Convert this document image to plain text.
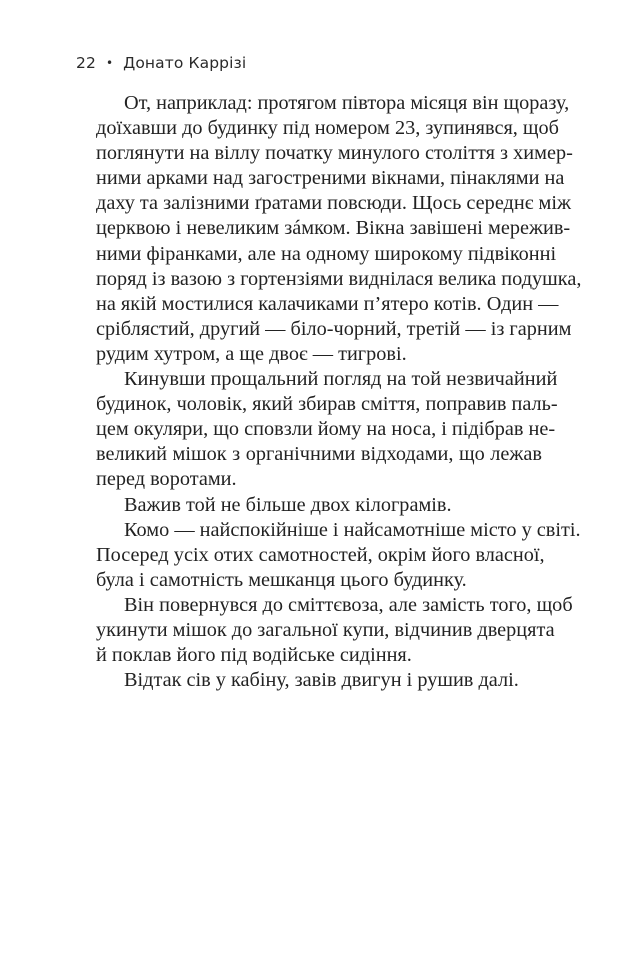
22 • Донато Каррізі
От, наприклад: протягом півтора місяця він щоразу,
доїхавши до будинку під номером 23, зупинявся, щоб
поглянути на віллу початку минулого століття з химер-
ними арками над загостреними вікнами, пінаклями на
даху та залізними ґратами повсюди. Щось середнє між
церквою і невеликим зáмком. Вікна завішені мережив-
ними фіранками, але на одному широкому підвіконні
поряд із вазою з гортензіями виднілася велика подушка,
на якій мостилися калачиками п’ятеро котів. Один —
сріблястий, другий — біло-чорний, третій — із гарним
рудим хутром, а ще двоє — тигрові.
Кинувши прощальний погляд на той незвичайний
будинок, чоловік, який збирав сміття, поправив паль-
цем окуляри, що сповзли йому на носа, і підібрав не-
великий мішок з органічними відходами, що лежав
перед воротами.
Важив той не більше двох кілограмів.
Комо — найспокійніше і найсамотніше місто у світі.
Посеред усіх отих самотностей, окрім його власної,
була і самотність мешканця цього будинку.
Він повернувся до сміттєвоза, але замість того, щоб
укинути мішок до загальної купи, відчинив дверцята
й поклав його під водійське сидіння.
Відтак сів у кабіну, завів двигун і рушив далі.
